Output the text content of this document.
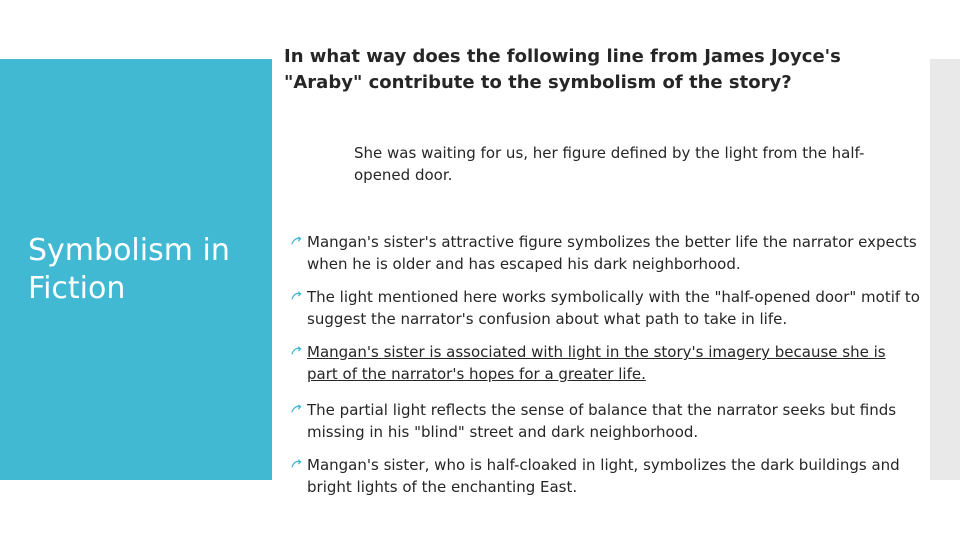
Symbolism in Fiction

In what way does the following line from James Joyce's "Araby" contribute to the symbolism of the story?

She was waiting for us, her figure defined by the light from the half-opened door.

Mangan's sister's attractive figure symbolizes the better life the narrator expects when he is older and has escaped his dark neighborhood.
The light mentioned here works symbolically with the "half-opened door" motif to suggest the narrator's confusion about what path to take in life.
Mangan's sister is associated with light in the story's imagery because she is part of the narrator's hopes for a greater life.
The partial light reflects the sense of balance that the narrator seeks but finds missing in his "blind" street and dark neighborhood.
Mangan's sister, who is half-cloaked in light, symbolizes the dark buildings and bright lights of the enchanting East.
